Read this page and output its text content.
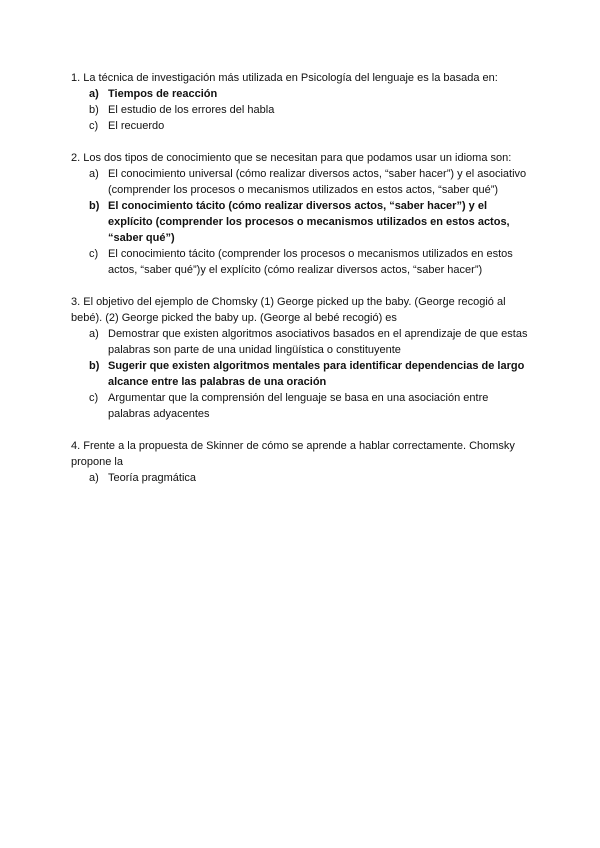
1. La técnica de investigación más utilizada en Psicología del lenguaje es la basada en:

a) Tiempos de reacción
b) El estudio de los errores del habla
c) El recuerdo

2. Los dos tipos de conocimiento que se necesitan para que podamos usar un idioma son:

a) El conocimiento universal (cómo realizar diversos actos, “saber hacer”) y el asociativo (comprender los procesos o mecanismos utilizados en estos actos, “saber qué”)
b) El conocimiento tácito (cómo realizar diversos actos, “saber hacer”) y el explícito (comprender los procesos o mecanismos utilizados en estos actos, “saber qué”)
c) El conocimiento tácito (comprender los procesos o mecanismos utilizados en estos actos, “saber qué”)y el explícito (cómo realizar diversos actos, “saber hacer”)

3. El objetivo del ejemplo de Chomsky (1) George picked up the baby. (George recogió al bebé). (2) George picked the baby up. (George al bebé recogió) es

a) Demostrar que existen algoritmos asociativos basados en el aprendizaje de que estas palabras son parte de una unidad lingüística o constituyente
b) Sugerir que existen algoritmos mentales para identificar dependencias de largo alcance entre las palabras de una oración
c) Argumentar que la comprensión del lenguaje se basa en una asociación entre palabras adyacentes

4. Frente a la propuesta de Skinner de cómo se aprende a hablar correctamente. Chomsky propone la

a) Teoría pragmática
